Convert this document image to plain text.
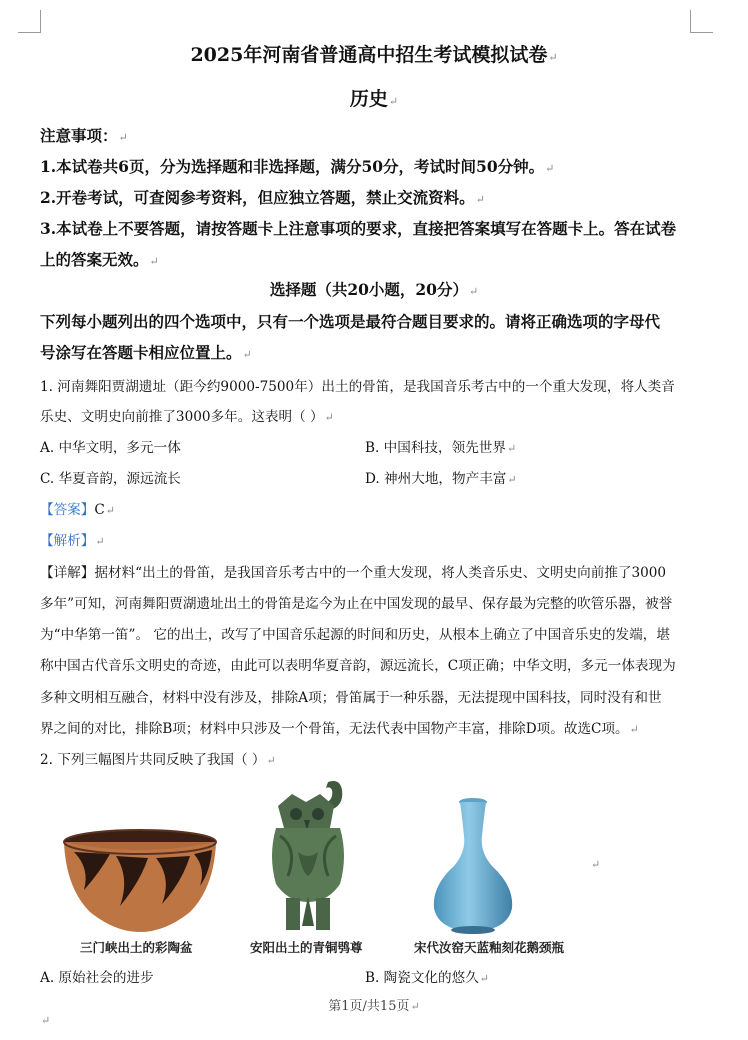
2025年河南省普通高中招生考试模拟试卷↵
历史↵
注意事项：↵
1.本试卷共6页，分为选择题和非选择题，满分50分，考试时间50分钟。↵
2.开卷考试，可查阅参考资料，但应独立答题，禁止交流资料。↵
3.本试卷上不要答题，请按答题卡上注意事项的要求，直接把答案填写在答题卡上。答在试卷
上的答案无效。↵
选择题（共20小题，20分）↵
下列每小题列出的四个选项中，只有一个选项是最符合题目要求的。请将正确选项的字母代
号涂写在答题卡相应位置上。↵
1. 河南舞阳贾湖遗址（距今约9000-7500年）出土的骨笛，是我国音乐考古中的一个重大发现，将人类音
乐史、文明史向前推了3000多年。这表明（ ）↵
A. 中华文明，多元一体	B. 中国科技，领先世界↵
C. 华夏音韵，源远流长	D. 神州大地，物产丰富↵
【答案】C↵
【解析】↵
【详解】据材料“出土的骨笛，是我国音乐考古中的一个重大发现，将人类音乐史、文明史向前推了3000
多年”可知，河南舞阳贾湖遗址出土的骨笛是迄今为止在中国发现的最早、保存最为完整的吹管乐器，被誉
为“中华第一笛”。 它的出土，改写了中国音乐起源的时间和历史，从根本上确立了中国音乐史的发端，堪
称中国古代音乐文明史的奇迹，由此可以表明华夏音韵，源远流长，C项正确；中华文明，多元一体表现为
多种文明相互融合，材料中没有涉及，排除A项；骨笛属于一种乐器，无法提现中国科技，同时没有和世
界之间的对比，排除B项；材料中只涉及一个骨笛，无法代表中国物产丰富，排除D项。故选C项。↵
2. 下列三幅图片共同反映了我国（ ）↵
↵
三门峡出土的彩陶盆	安阳出土的青铜鸮尊	宋代汝窑天蓝釉刻花鹅颈瓶
A. 原始社会的进步	B. 陶瓷文化的悠久↵
第1页/共15页↵
↵
